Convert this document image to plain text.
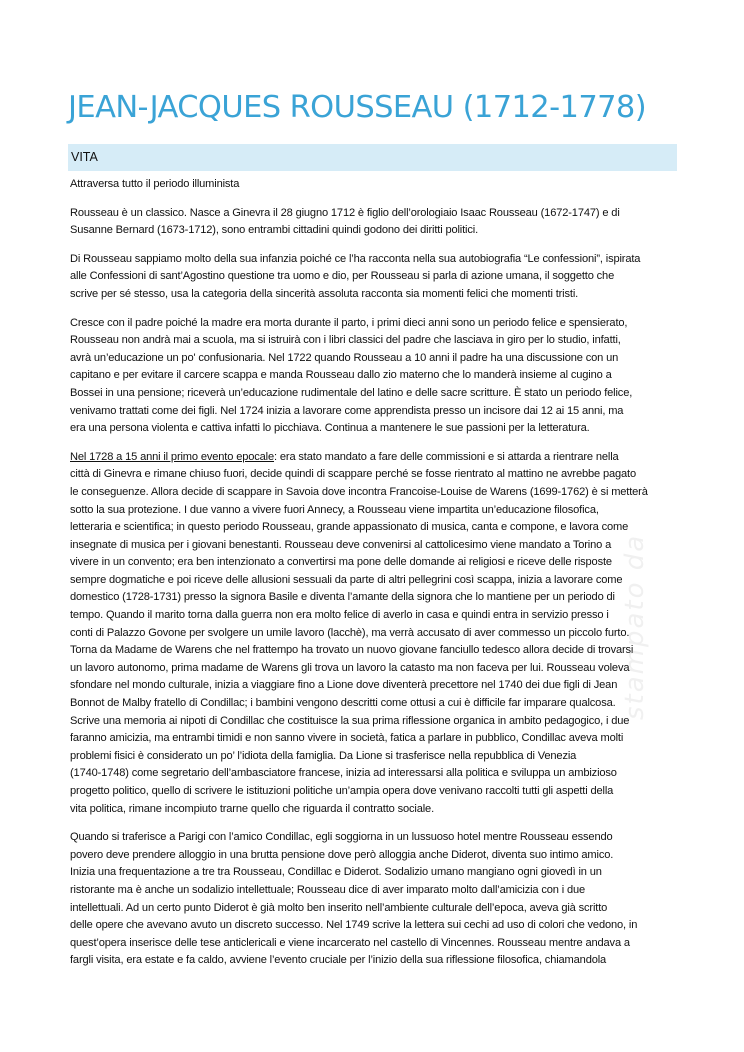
JEAN-JACQUES ROUSSEAU (1712-1778)
VITA

Attraversa tutto il periodo illuminista

Rousseau è un classico. Nasce a Ginevra il 28 giugno 1712 è figlio dell’orologiaio Isaac Rousseau (1672-1747) e di
Susanne Bernard (1673-1712), sono entrambi cittadini quindi godono dei diritti politici.

Di Rousseau sappiamo molto della sua infanzia poiché ce l’ha racconta nella sua autobiografia “Le confessioni”, ispirata
alle Confessioni di sant’Agostino questione tra uomo e dio, per Rousseau si parla di azione umana, il soggetto che
scrive per sé stesso, usa la categoria della sincerità assoluta racconta sia momenti felici che momenti tristi.

Cresce con il padre poiché la madre era morta durante il parto, i primi dieci anni sono un periodo felice e spensierato,
Rousseau non andrà mai a scuola, ma si istruirà con i libri classici del padre che lasciava in giro per lo studio, infatti,
avrà un’educazione un po' confusionaria. Nel 1722 quando Rousseau a 10 anni il padre ha una discussione con un
capitano e per evitare il carcere scappa e manda Rousseau dallo zio materno che lo manderà insieme al cugino a
Bossei in una pensione; riceverà un’educazione rudimentale del latino e delle sacre scritture. È stato un periodo felice,
venivamo trattati come dei figli. Nel 1724 inizia a lavorare come apprendista presso un incisore dai 12 ai 15 anni, ma
era una persona violenta e cattiva infatti lo picchiava. Continua a mantenere le sue passioni per la letteratura.

Nel 1728 a 15 anni il primo evento epocale: era stato mandato a fare delle commissioni e si attarda a rientrare nella
città di Ginevra e rimane chiuso fuori, decide quindi di scappare perché se fosse rientrato al mattino ne avrebbe pagato
le conseguenze. Allora decide di scappare in Savoia dove incontra Francoise-Louise de Warens (1699-1762) è si metterà
sotto la sua protezione. I due vanno a vivere fuori Annecy, a Rousseau viene impartita un’educazione filosofica,
letteraria e scientifica; in questo periodo Rousseau, grande appassionato di musica, canta e compone, e lavora come
insegnate di musica per i giovani benestanti. Rousseau deve convenirsi al cattolicesimo viene mandato a Torino a
vivere in un convento; era ben intenzionato a convertirsi ma pone delle domande ai religiosi e riceve delle risposte
sempre dogmatiche e poi riceve delle allusioni sessuali da parte di altri pellegrini così scappa, inizia a lavorare come
domestico (1728-1731) presso la signora Basile e diventa l’amante della signora che lo mantiene per un periodo di
tempo. Quando il marito torna dalla guerra non era molto felice di averlo in casa e quindi entra in servizio presso i
conti di Palazzo Govone per svolgere un umile lavoro (lacchè), ma verrà accusato di aver commesso un piccolo furto.
Torna da Madame de Warens che nel frattempo ha trovato un nuovo giovane fanciullo tedesco allora decide di trovarsi
un lavoro autonomo, prima madame de Warens gli trova un lavoro la catasto ma non faceva per lui. Rousseau voleva
sfondare nel mondo culturale, inizia a viaggiare fino a Lione dove diventerà precettore nel 1740 dei due figli di Jean
Bonnot de Malby fratello di Condillac; i bambini vengono descritti come ottusi a cui è difficile far imparare qualcosa.
Scrive una memoria ai nipoti di Condillac che costituisce la sua prima riflessione organica in ambito pedagogico, i due
faranno amicizia, ma entrambi timidi e non sanno vivere in società, fatica a parlare in pubblico, Condillac aveva molti
problemi fisici è considerato un po’ l’idiota della famiglia. Da Lione si trasferisce nella repubblica di Venezia
(1740-1748) come segretario dell’ambasciatore francese, inizia ad interessarsi alla politica e sviluppa un ambizioso
progetto politico, quello di scrivere le istituzioni politiche un’ampia opera dove venivano raccolti tutti gli aspetti della
vita politica, rimane incompiuto trarne quello che riguarda il contratto sociale.

Quando si traferisce a Parigi con l’amico Condillac, egli soggiorna in un lussuoso hotel mentre Rousseau essendo
povero deve prendere alloggio in una brutta pensione dove però alloggia anche Diderot, diventa suo intimo amico.
Inizia una frequentazione a tre tra Rousseau, Condillac e Diderot. Sodalizio umano mangiano ogni giovedì in un
ristorante ma è anche un sodalizio intellettuale; Rousseau dice di aver imparato molto dall’amicizia con i due
intellettuali. Ad un certo punto Diderot è già molto ben inserito nell’ambiente culturale dell’epoca, aveva già scritto
delle opere che avevano avuto un discreto successo. Nel 1749 scrive la lettera sui cechi ad uso di colori che vedono, in
quest’opera inserisce delle tese anticlericali e viene incarcerato nel castello di Vincennes. Rousseau mentre andava a
fargli visita, era estate e fa caldo, avviene l’evento cruciale per l’inizio della sua riflessione filosofica, chiamandola

stampato da
